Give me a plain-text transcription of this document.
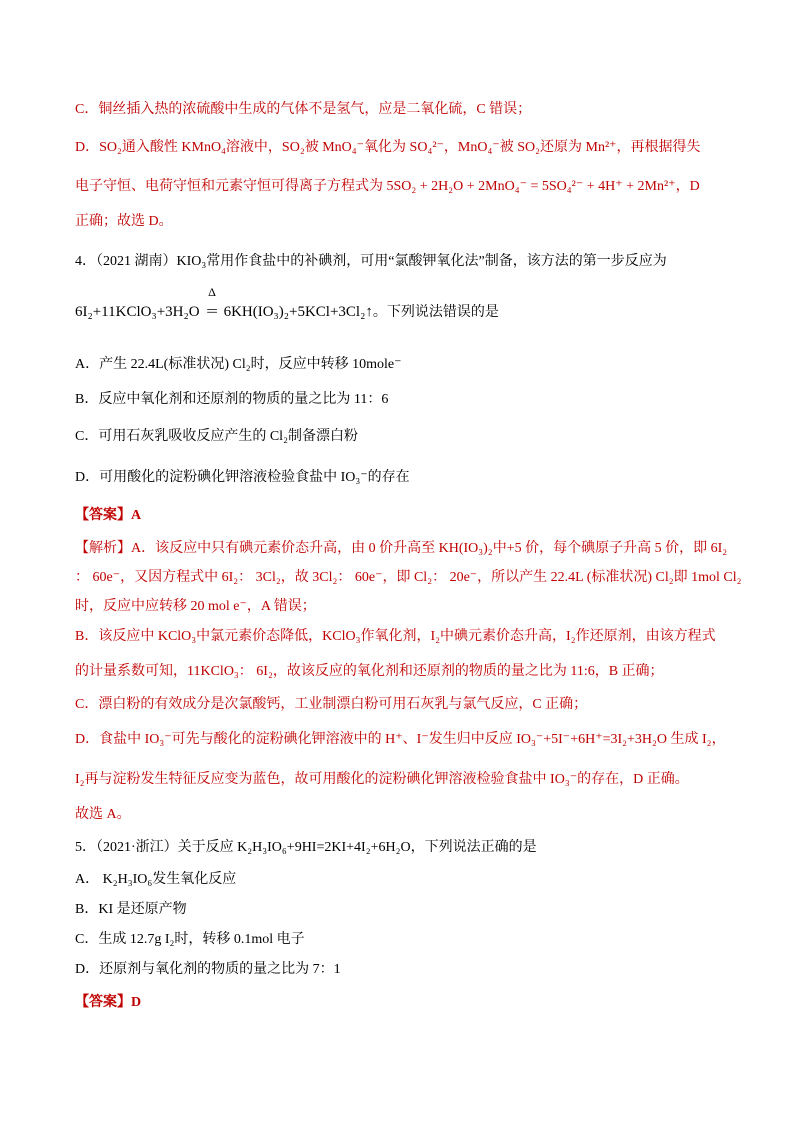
C．铜丝插入热的浓硫酸中生成的气体不是氢气，应是二氧化硫，C 错误；
D．SO₂通入酸性 KMnO₄溶液中，SO₂被 MnO₄⁻氧化为 SO₄²⁻，MnO₄⁻被 SO₂还原为 Mn²⁺，再根据得失
电子守恒、电荷守恒和元素守恒可得离子方程式为 5SO₂ + 2H₂O + 2MnO₄⁻ = 5SO₄²⁻ + 4H⁺ + 2Mn²⁺，D
正确；故选 D。
4．（2021 湖南）KIO₃常用作食盐中的补碘剂，可用“氯酸钾氧化法”制备，该方法的第一步反应为
6I₂+11KClO₃+3H₂O
Δ
= 6KH(IO₃)₂+5KCl+3Cl₂↑。下列说法错误的是
A．产生 22.4L(标准状况) Cl₂时，反应中转移 10mole⁻
B．反应中氧化剂和还原剂的物质的量之比为 11：6
C．可用石灰乳吸收反应产生的 Cl₂制备漂白粉
D．可用酸化的淀粉碘化钾溶液检验食盐中 IO₃⁻的存在
【答案】A
【解析】A．该反应中只有碘元素价态升高，由 0 价升高至 KH(IO₃)₂中+5 价，每个碘原子升高 5 价，即 6I₂
： 60e⁻，又因方程式中 6I₂： 3Cl₂，故 3Cl₂： 60e⁻，即 Cl₂： 20e⁻，所以产生 22.4L (标准状况) Cl₂即 1mol Cl₂
时，反应中应转移 20 mol e⁻，A 错误；
B．该反应中 KClO₃中氯元素价态降低，KClO₃作氧化剂，I₂中碘元素价态升高，I₂作还原剂，由该方程式
的计量系数可知，11KClO₃： 6I₂，故该反应的氧化剂和还原剂的物质的量之比为 11:6，B 正确；
C．漂白粉的有效成分是次氯酸钙，工业制漂白粉可用石灰乳与氯气反应，C 正确；
D．食盐中 IO₃⁻可先与酸化的淀粉碘化钾溶液中的 H⁺、I⁻发生归中反应 IO₃⁻+5I⁻+6H⁺=3I₂+3H₂O 生成 I₂，
I₂再与淀粉发生特征反应变为蓝色，故可用酸化的淀粉碘化钾溶液检验食盐中 IO₃⁻的存在，D 正确。
故选 A。
5．（2021·浙江）关于反应 K₂H₃IO₆+9HI=2KI+4I₂+6H₂O，下列说法正确的是
A． K₂H₃IO₆发生氧化反应
B．KI 是还原产物
C．生成 12.7g I₂时，转移 0.1mol 电子
D．还原剂与氧化剂的物质的量之比为 7：1
【答案】D
